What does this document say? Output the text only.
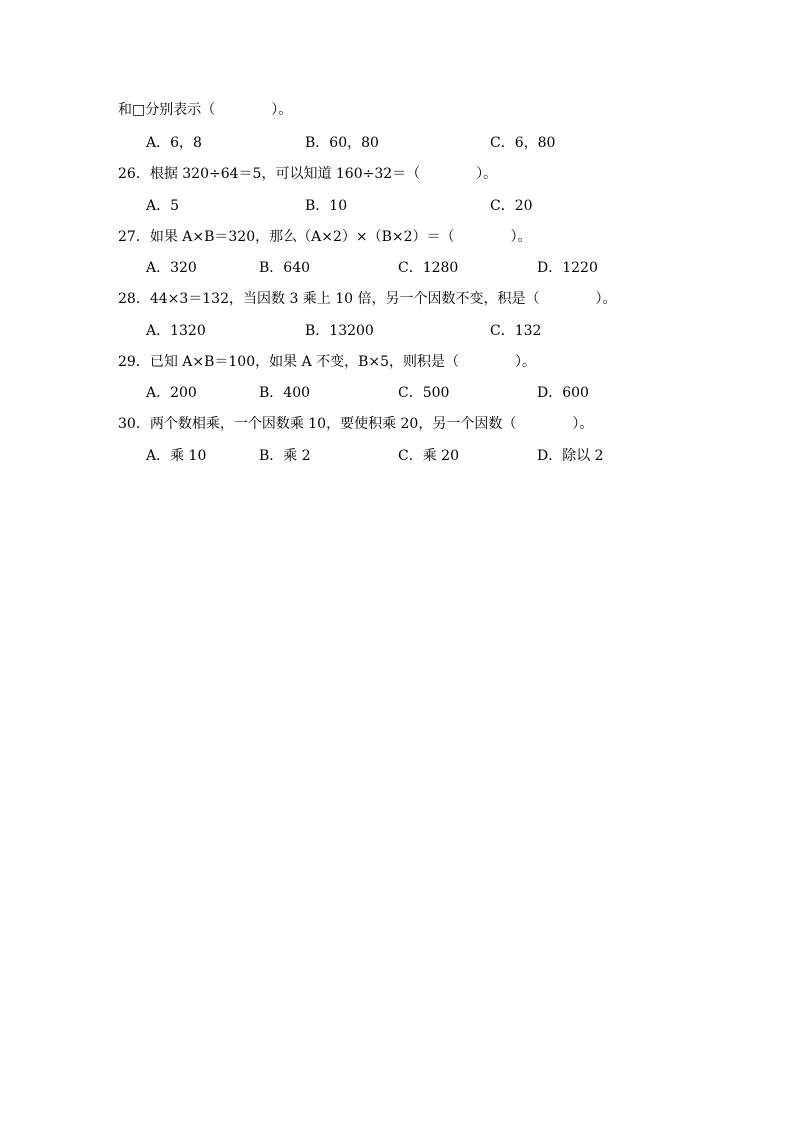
和□分别表示（　　　　）。
A．6，8	B．60，80	C．6，80
26．根据 320÷64＝5，可以知道 160÷32＝（　　　　）。
A．5	B．10	C．20
27．如果 A×B＝320，那么（A×2）×（B×2）＝（　　　　）。
A．320	B．640	C．1280	D．1220
28．44×3＝132，当因数 3 乘上 10 倍，另一个因数不变，积是（　　　　）。
A．1320	B．13200	C．132
29．已知 A×B＝100，如果 A 不变，B×5，则积是（　　　　）。
A．200	B．400	C．500	D．600
30．两个数相乘，一个因数乘 10，要使积乘 20，另一个因数（　　　　）。
A．乘 10	B．乘 2	C．乘 20	D．除以 2
